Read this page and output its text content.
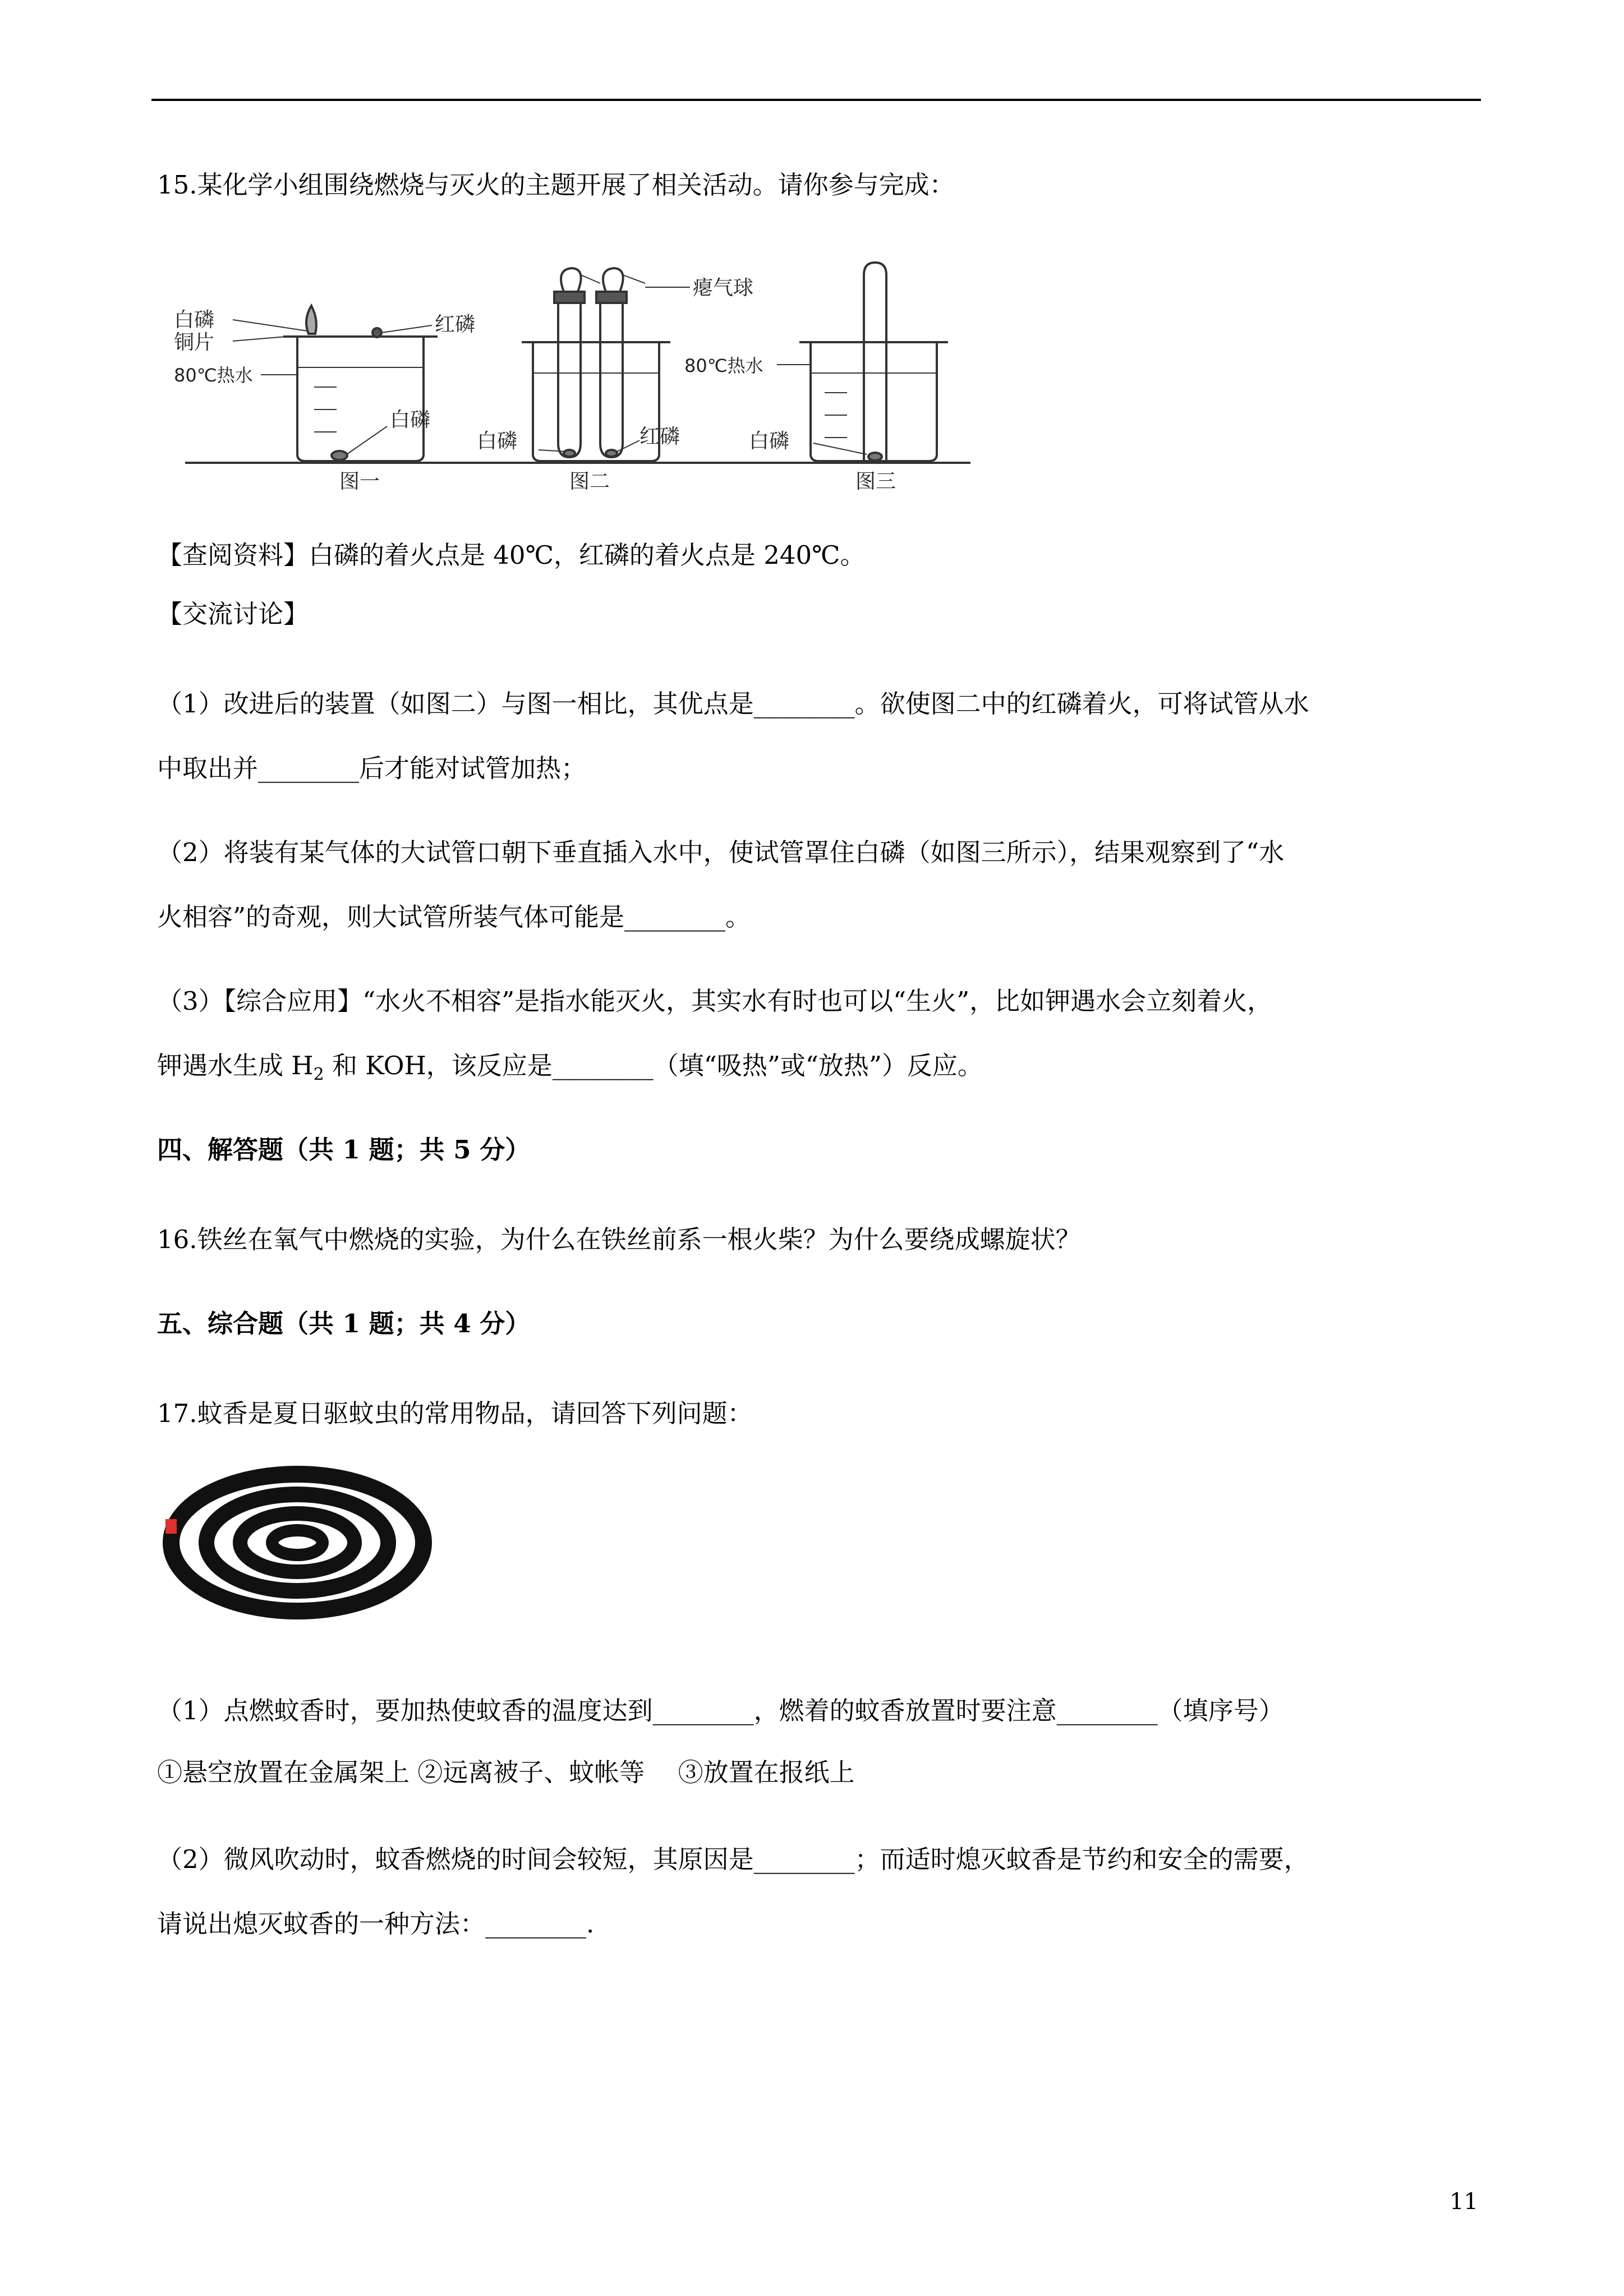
15.某化学小组围绕燃烧与灭火的主题开展了相关活动。请你参与完成：
白磷
铜片
红磷
80℃热水
白磷
图一
瘪气球
白磷	红磷
图二
80℃热水
白磷
图三
【查阅资料】白磷的着火点是 40℃，红磷的着火点是 240℃。
【交流讨论】
（1）改进后的装置（如图二）与图一相比，其优点是________。欲使图二中的红磷着火，可将试管从水
中取出并________后才能对试管加热；
（2）将装有某气体的大试管口朝下垂直插入水中，使试管罩住白磷（如图三所示），结果观察到了“水
火相容”的奇观，则大试管所装气体可能是________。
（3）【综合应用】“水火不相容”是指水能灭火，其实水有时也可以“生火”，比如钾遇水会立刻着火，
钾遇水生成 $H_2$ 和 KOH，该反应是________（填“吸热”或“放热”）反应。
四、解答题（共 1 题；共 5 分）
16.铁丝在氧气中燃烧的实验，为什么在铁丝前系一根火柴？为什么要绕成螺旋状？
五、综合题（共 1 题；共 4 分）
17.蚊香是夏日驱蚊虫的常用物品，请回答下列问题：
（1）点燃蚊香时，要加热使蚊香的温度达到________，燃着的蚊香放置时要注意________（填序号）
①悬空放置在金属架上 ②远离被子、蚊帐等 　③放置在报纸上
（2）微风吹动时，蚊香燃烧的时间会较短，其原因是________；而适时熄灭蚊香是节约和安全的需要，
请说出熄灭蚊香的一种方法：________.
11
